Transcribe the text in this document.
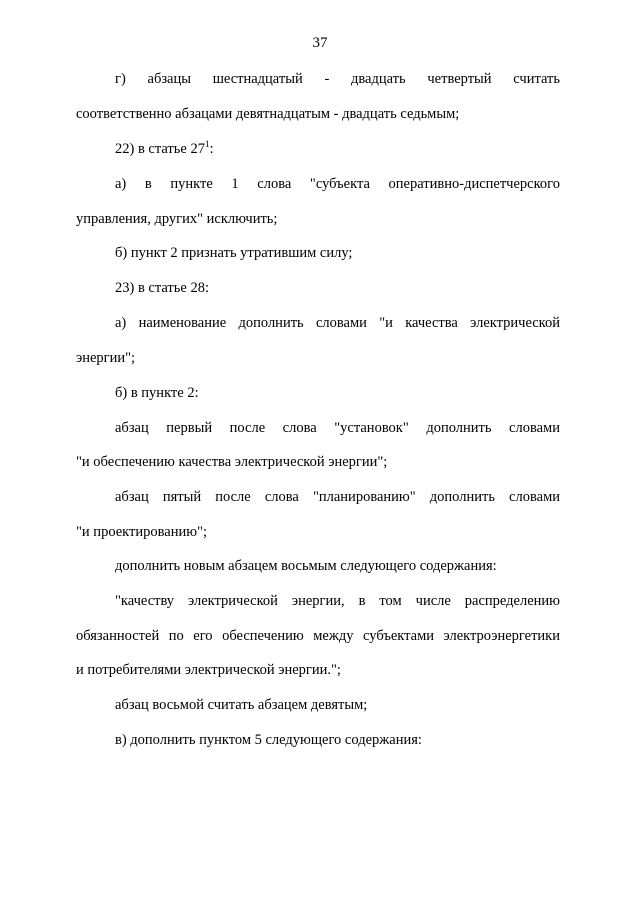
37
г) абзацы шестнадцатый - двадцать четвертый считать
соответственно абзацами девятнадцатым - двадцать седьмым;
22) в статье $27^1$:
а) в пункте 1 слова "субъекта оперативно-диспетчерского
управления, других" исключить;
б) пункт 2 признать утратившим силу;
23) в статье 28:
а) наименование дополнить словами "и качества электрической
энергии";
б) в пункте 2:
абзац первый после слова "установок" дополнить словами
"и обеспечению качества электрической энергии";
абзац пятый после слова "планированию" дополнить словами
"и проектированию";
дополнить новым абзацем восьмым следующего содержания:
"качеству электрической энергии, в том числе распределению
обязанностей по его обеспечению между субъектами электроэнергетики
и потребителями электрической энергии.";
абзац восьмой считать абзацем девятым;
в) дополнить пунктом 5 следующего содержания:
